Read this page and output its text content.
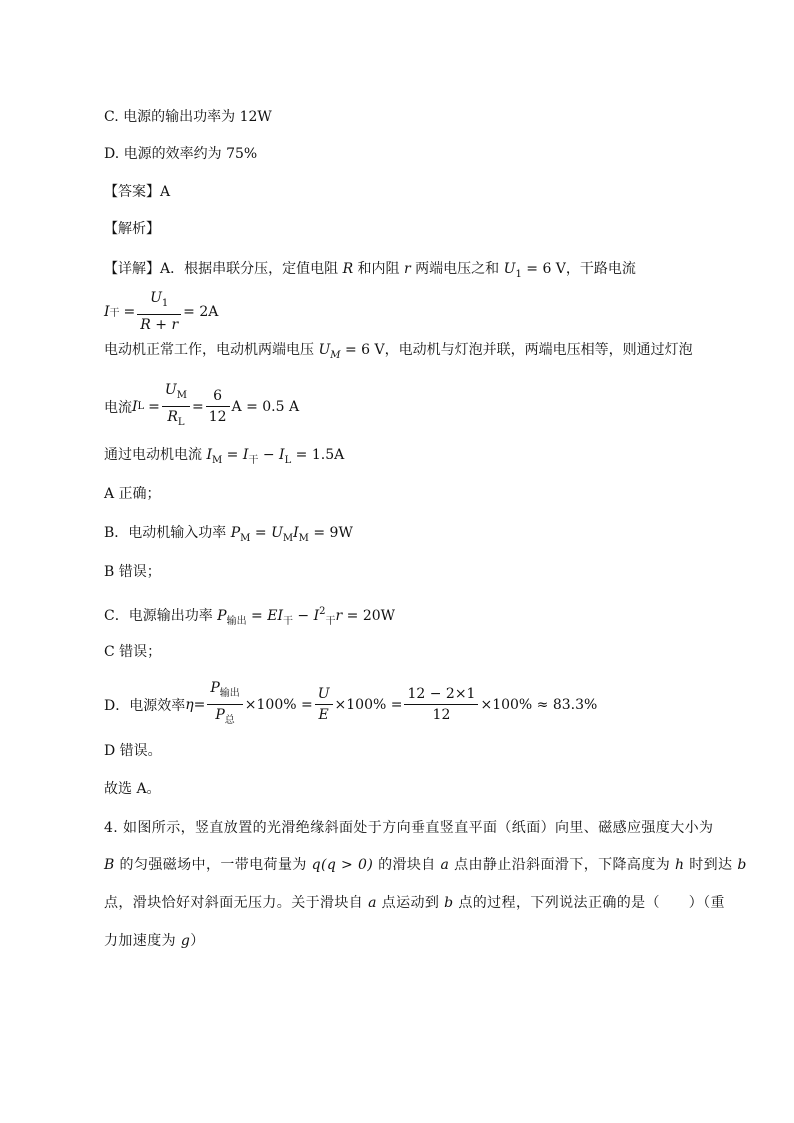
C. 电源的输出功率为 12W
D. 电源的效率约为 75%
【答案】A
【解析】
【详解】A．根据串联分压，定值电阻 R 和内阻 r 两端电压之和 $U_1 = 6$ V，干路电流
I 干 = $\frac{U_1}{R + r} = 2A$
电动机正常工作，电动机两端电压 $U_M = 6$ V，电动机与灯泡并联，两端电压相等，则通过灯泡
电流 I $L = \frac{U_M}{R_L} = \frac{6}{12}$ A = 0.5 A
通过电动机电流 $I_M = I_干 - I_L = 1.5A$
A 正确；
B．电动机输入功率 $P_M = U_MI_M = 9W$
B 错误；
C．电源输出功率 $P_{输出} = EI_干 - I^2_干r = 20W$
C 错误；
D．电源效率 $\eta = \frac{P_{输出}}{P_总} \times 100\% = \frac{U}{E} \times 100\% = \frac{12 - 2\times 1}{12} \times 100\% \approx 83.3\%$
D 错误。
故选 A。
4. 如图所示，竖直放置的光滑绝缘斜面处于方向垂直竖直平面（纸面）向里、磁感应强度大小为
B 的匀强磁场中，一带电荷量为 q(q > 0) 的滑块自 a 点由静止沿斜面滑下，下降高度为 h 时到达 b
点，滑块恰好对斜面无压力。关于滑块自 a 点运动到 b 点的过程，下列说法正确的是（　　）（重
力加速度为 g）
